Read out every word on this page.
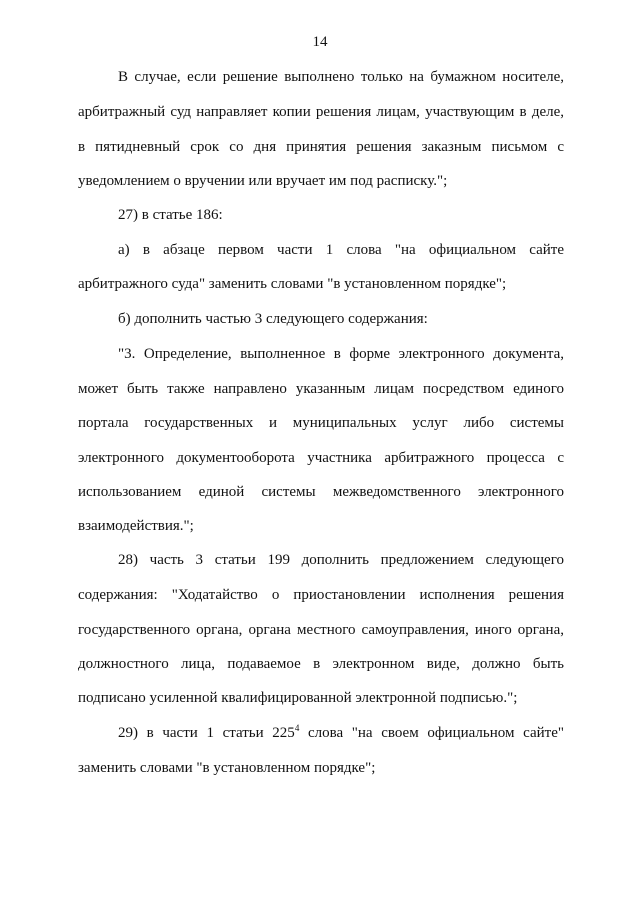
14
В случае, если решение выполнено только на бумажном носителе,
арбитражный суд направляет копии решения лицам, участвующим в деле,
в пятидневный срок со дня принятия решения заказным письмом с
уведомлением о вручении или вручает им под расписку.";
27) в статье 186:
а) в абзаце первом части 1 слова "на официальном сайте
арбитражного суда" заменить словами "в установленном порядке";
б) дополнить частью 3 следующего содержания:
"3. Определение, выполненное в форме электронного документа,
может быть также направлено указанным лицам посредством единого
портала государственных и муниципальных услуг либо системы
электронного документооборота участника арбитражного процесса с
использованием единой системы межведомственного электронного
взаимодействия.";
28) часть 3 статьи 199 дополнить предложением следующего
содержания: "Ходатайство о приостановлении исполнения решения
государственного органа, органа местного самоуправления, иного органа,
должностного лица, подаваемое в электронном виде, должно быть
подписано усиленной квалифицированной электронной подписью.";
29) в части 1 статьи $225^4$ слова "на своем официальном сайте"
заменить словами "в установленном порядке";
